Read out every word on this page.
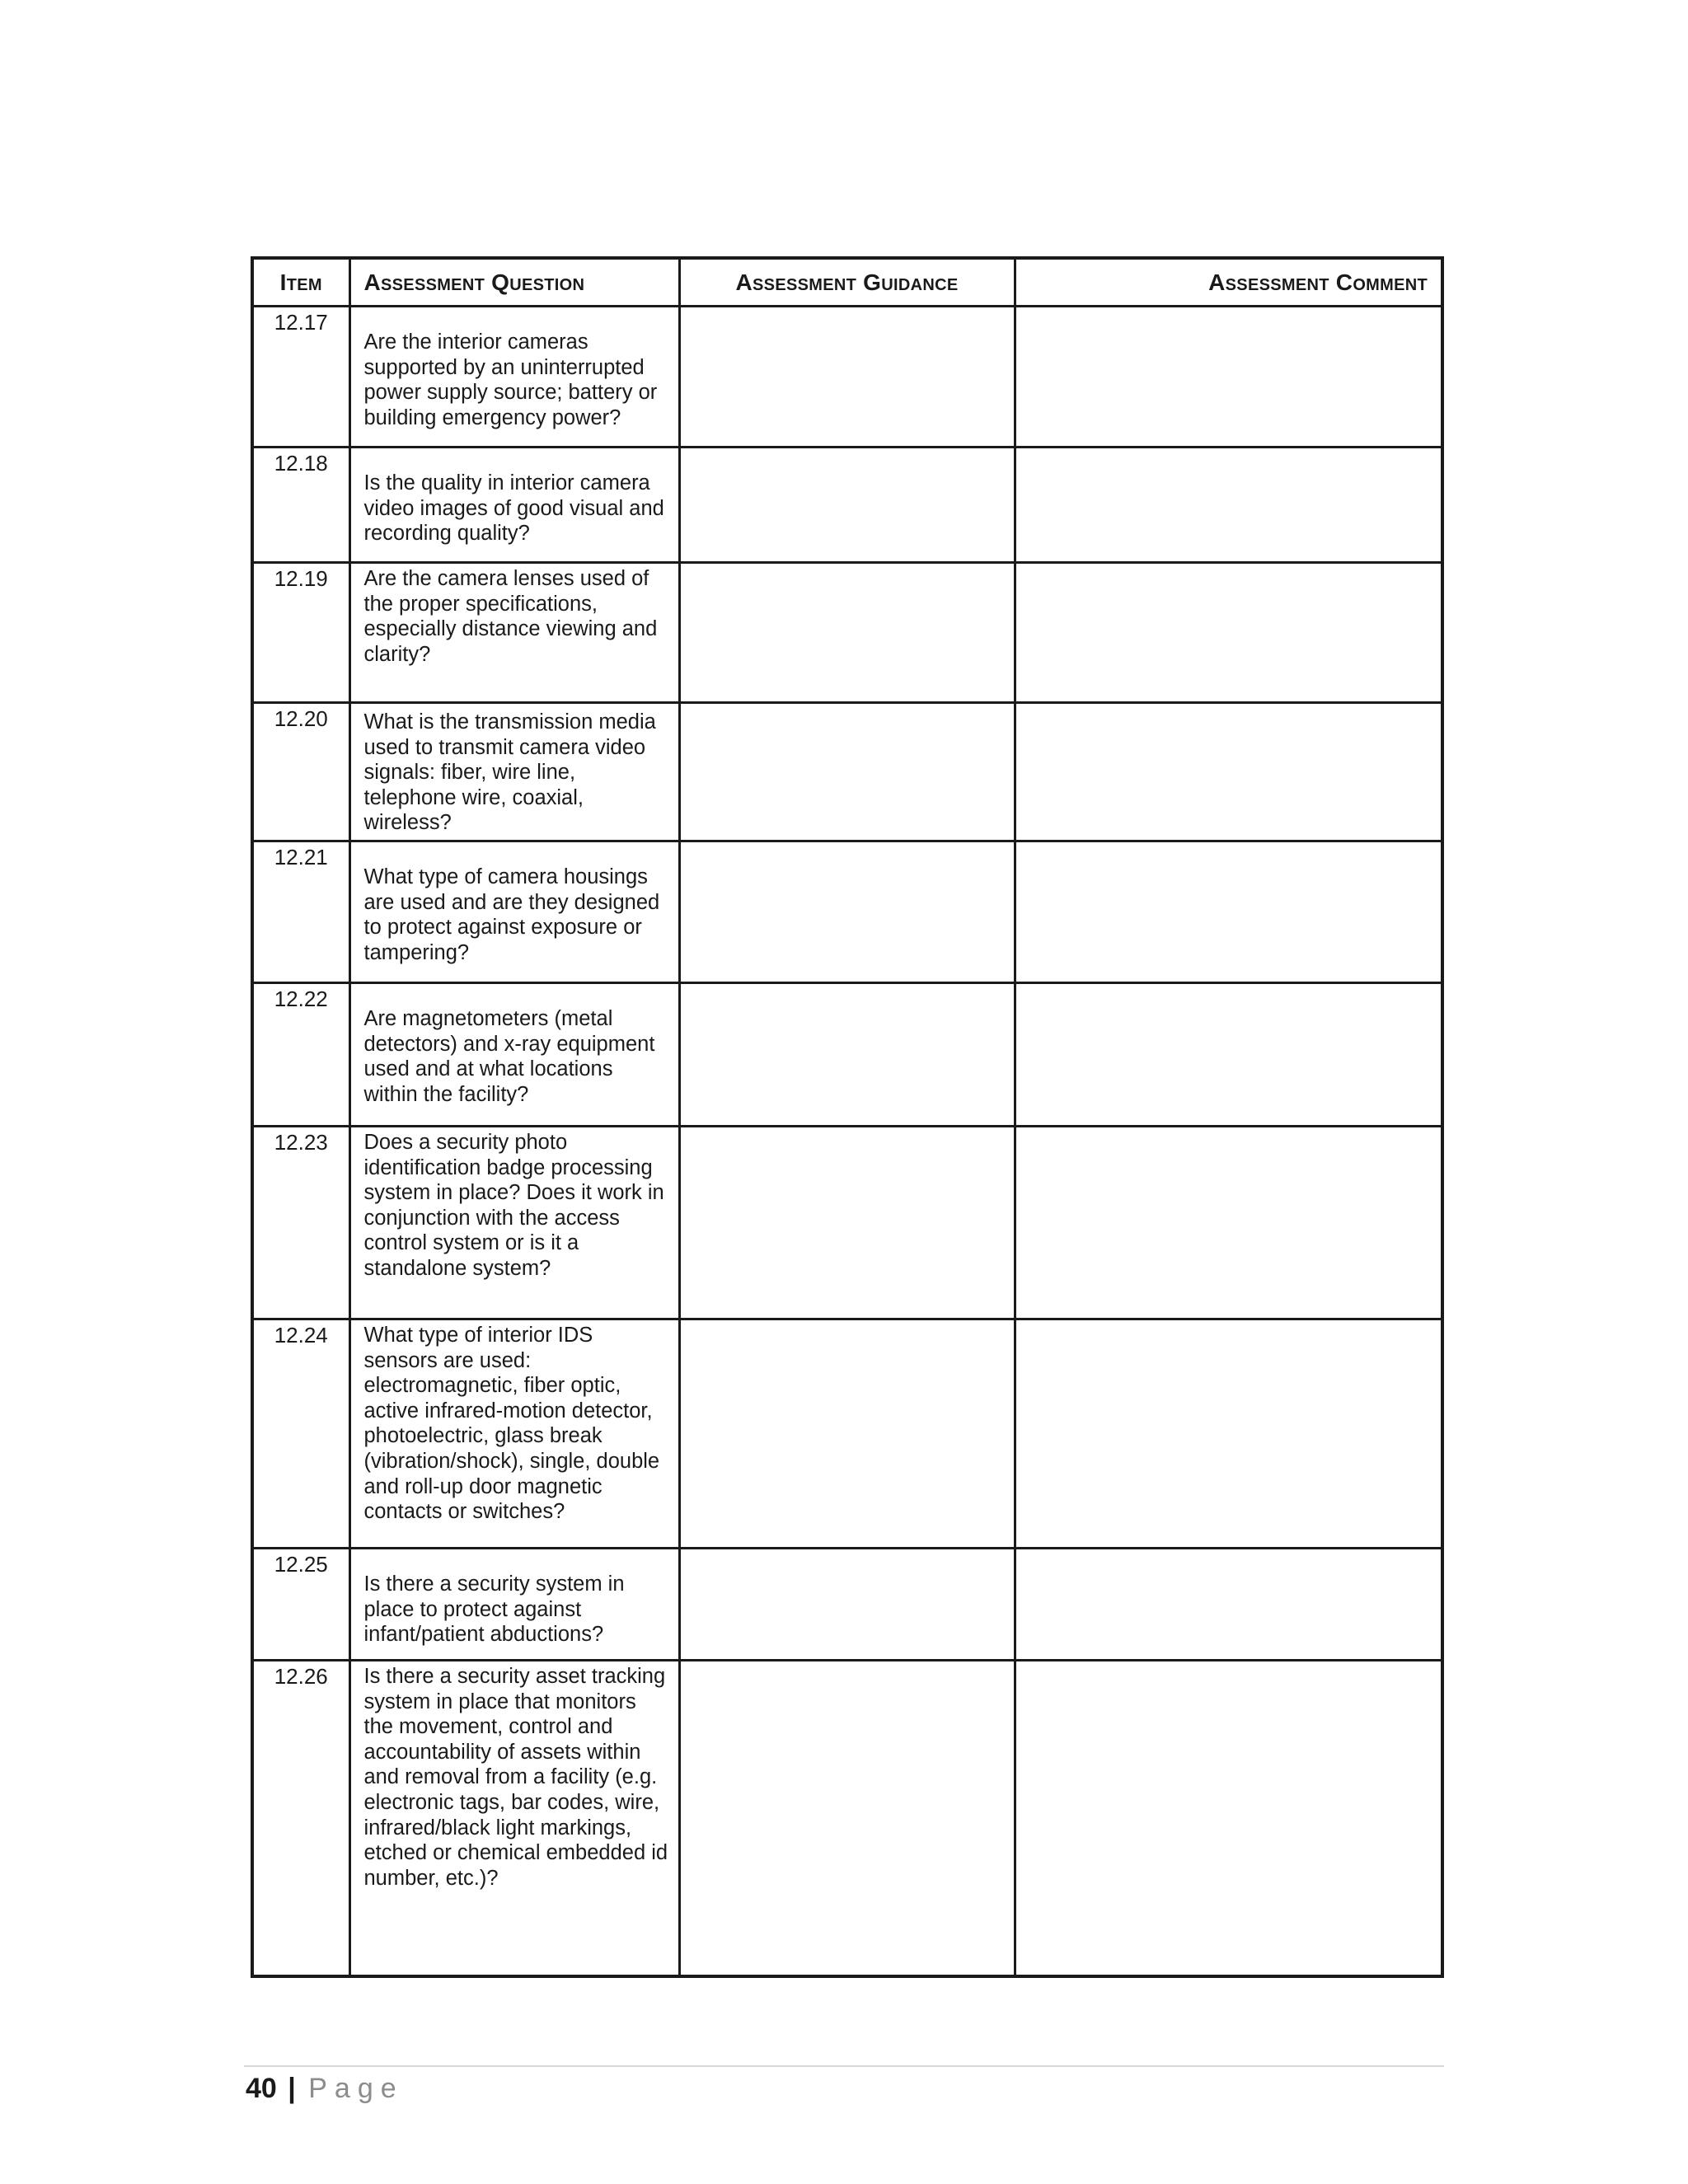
Item	Assessment Question	Assessment Guidance	Assessment Comment
12.17	Are the interior cameras supported by an uninterrupted power supply source; battery or building emergency power?		
12.18	Is the quality in interior camera video images of good visual and recording quality?		
12.19	Are the camera lenses used of the proper specifications, especially distance viewing and clarity?		
12.20	What is the transmission media used to transmit camera video signals: fiber, wire line, telephone wire, coaxial, wireless?		
12.21	What type of camera housings are used and are they designed to protect against exposure or tampering?		
12.22	Are magnetometers (metal detectors) and x-ray equipment used and at what locations within the facility?		
12.23	Does a security photo identification badge processing system in place? Does it work in conjunction with the access control system or is it a standalone system?		
12.24	What type of interior IDS sensors are used: electromagnetic, fiber optic, active infrared-motion detector, photoelectric, glass break (vibration/shock), single, double and roll-up door magnetic contacts or switches?		
12.25	Is there a security system in place to protect against infant/patient abductions?		
12.26	Is there a security asset tracking system in place that monitors the movement, control and accountability of assets within and removal from a facility (e.g. electronic tags, bar codes, wire, infrared/black light markings, etched or chemical embedded id number, etc.)?		
40 | Page
